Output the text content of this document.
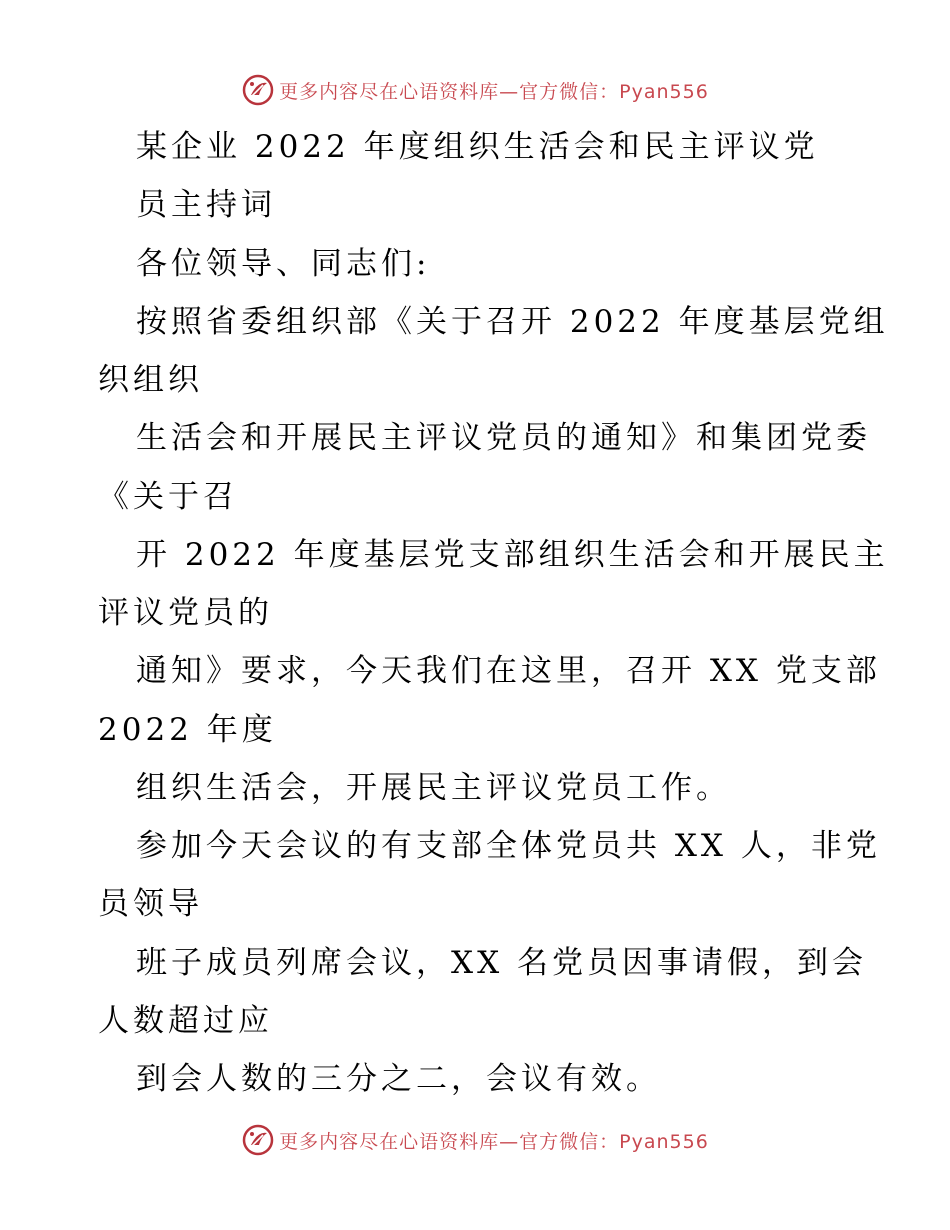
更多内容尽在心语资料库—官方微信：Pyan556
某企业 2022 年度组织生活会和民主评议党
员主持词
各位领导、同志们:
按照省委组织部《关于召开 2022 年度基层党组
织组织
生活会和开展民主评议党员的通知》和集团党委
《关于召
开 2022 年度基层党支部组织生活会和开展民主
评议党员的
通知》要求，今天我们在这里，召开 XX 党支部
2022 年度
组织生活会，开展民主评议党员工作。
参加今天会议的有支部全体党员共 XX 人，非党
员领导
班子成员列席会议，XX 名党员因事请假，到会
人数超过应
到会人数的三分之二，会议有效。
更多内容尽在心语资料库—官方微信：Pyan556
